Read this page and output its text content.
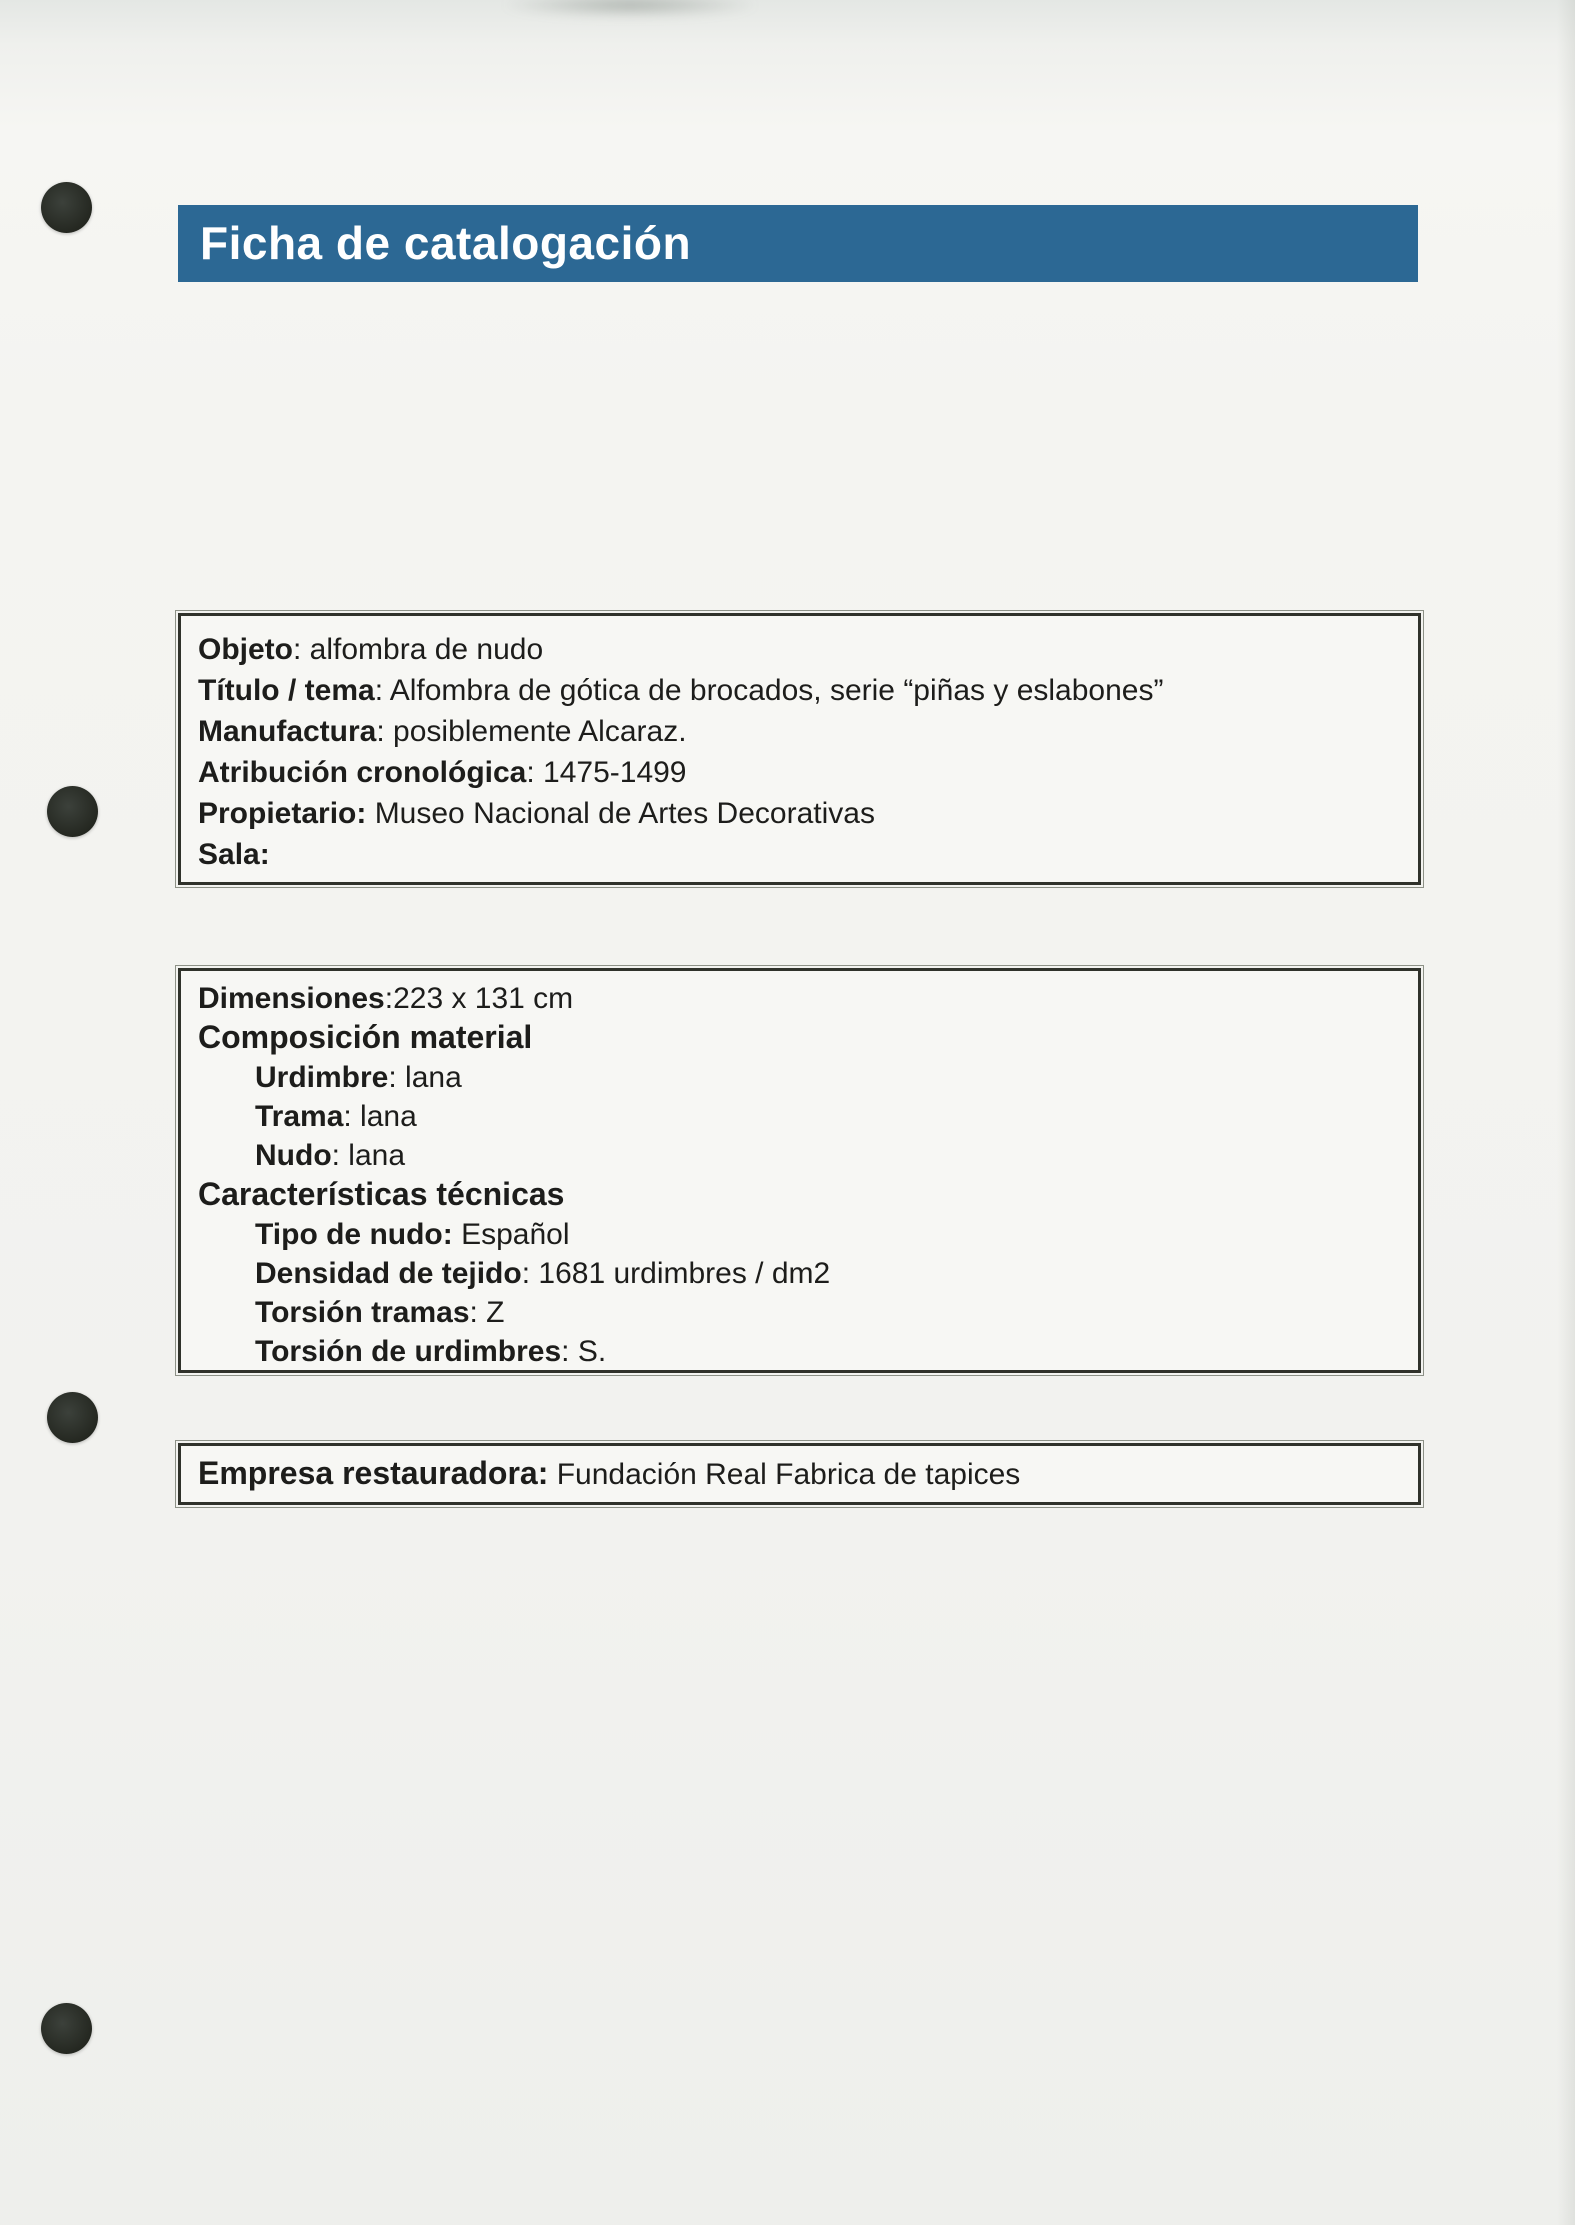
Ficha de catalogación
Objeto: alfombra de nudo
Título / tema: Alfombra de gótica de brocados, serie “piñas y eslabones”
Manufactura: posiblemente Alcaraz.
Atribución cronológica: 1475-1499
Propietario: Museo Nacional de Artes Decorativas
Sala:
Dimensiones:223 x 131 cm
Composición material
Urdimbre: lana
Trama: lana
Nudo: lana
Características técnicas
Tipo de nudo: Español
Densidad de tejido: 1681 urdimbres / dm2
Torsión tramas: Z
Torsión de urdimbres: S.
Empresa restauradora: Fundación Real Fabrica de tapices
